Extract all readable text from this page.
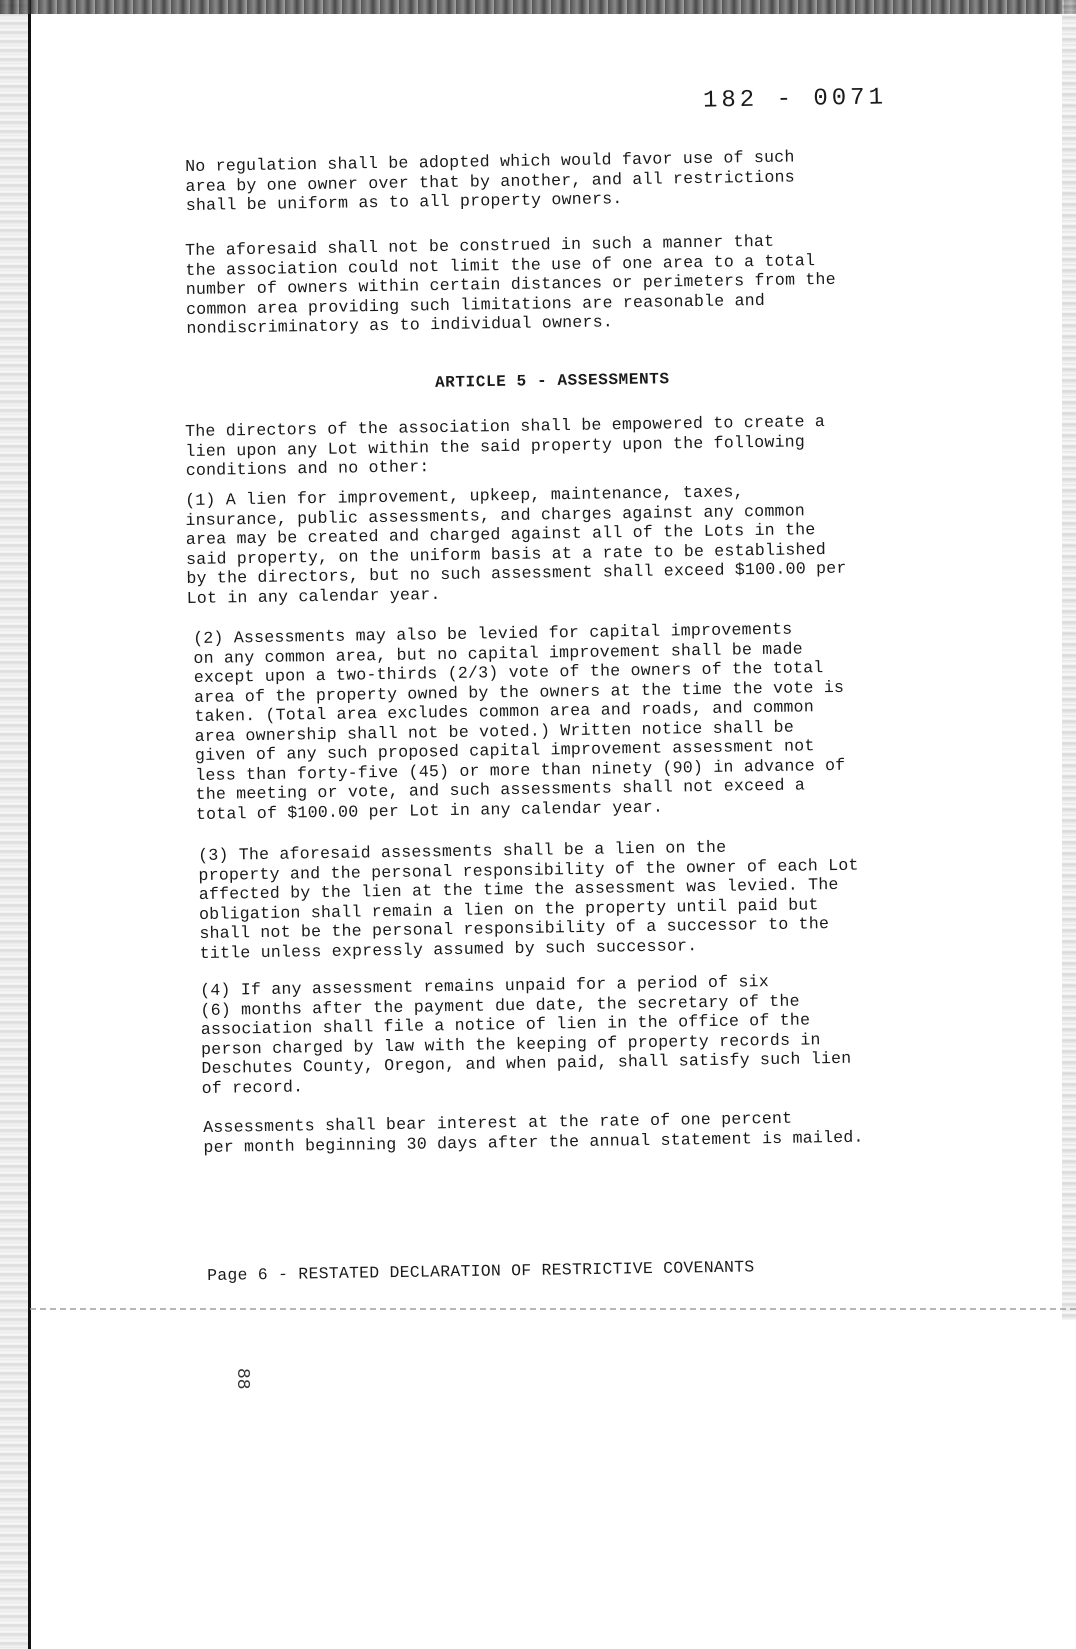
182 - 0071
No regulation shall be adopted which would favor use of such
area by one owner over that by another, and all restrictions
shall be uniform as to all property owners.
The aforesaid shall not be construed in such a manner that
the association could not limit the use of one area to a total
number of owners within certain distances or perimeters from the
common area providing such limitations are reasonable and
nondiscriminatory as to individual owners.
ARTICLE 5 - ASSESSMENTS
The directors of the association shall be empowered to create a
lien upon any Lot within the said property upon the following
conditions and no other:
(1) A lien for improvement, upkeep, maintenance, taxes,
insurance, public assessments, and charges against any common
area may be created and charged against all of the Lots in the
said property, on the uniform basis at a rate to be established
by the directors, but no such assessment shall exceed $100.00 per
Lot in any calendar year.
(2) Assessments may also be levied for capital improvements
on any common area, but no capital improvement shall be made
except upon a two-thirds (2/3) vote of the owners of the total
area of the property owned by the owners at the time the vote is
taken. (Total area excludes common area and roads, and common
area ownership shall not be voted.) Written notice shall be
given of any such proposed capital improvement assessment not
less than forty-five (45) or more than ninety (90) in advance of
the meeting or vote, and such assessments shall not exceed a
total of $100.00 per Lot in any calendar year.
(3) The aforesaid assessments shall be a lien on the
property and the personal responsibility of the owner of each Lot
affected by the lien at the time the assessment was levied. The
obligation shall remain a lien on the property until paid but
shall not be the personal responsibility of a successor to the
title unless expressly assumed by such successor.
(4) If any assessment remains unpaid for a period of six
(6) months after the payment due date, the secretary of the
association shall file a notice of lien in the office of the
person charged by law with the keeping of property records in
Deschutes County, Oregon, and when paid, shall satisfy such lien
of record.
Assessments shall bear interest at the rate of one percent
per month beginning 30 days after the annual statement is mailed.
Page 6 - RESTATED DECLARATION OF RESTRICTIVE COVENANTS
88
